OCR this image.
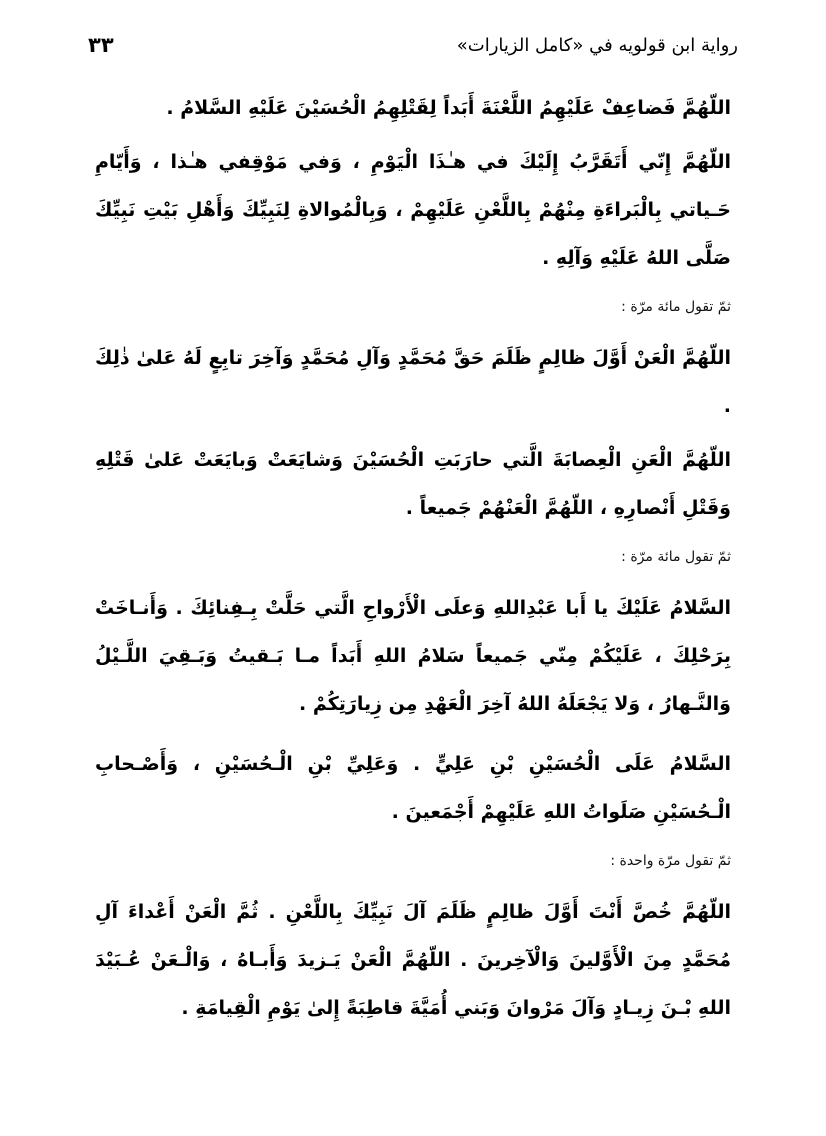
رواية ابن قولويه في «كامل الزيارات»
٣٣

اللّهُمَّ فَضاعِفْ عَلَيْهِمُ اللَّعْنَةَ أَبَداً لِقَتْلِهِمُ الْحُسَيْنَ عَلَيْهِ السَّلامُ .

اللّهُمَّ إِنّي أَتَقَرَّبُ إِلَيْكَ في هـٰذَا الْيَوْمِ ، وَفي مَوْقِفي هـٰذا ، وَأَيّامِ حَـياتي بِالْبَراءَةِ مِنْهُمْ بِاللَّعْنِ عَلَيْهِمْ ، وَبِالْمُوالاةِ لِنَبِيِّكَ وَأَهْلِ بَيْتِ نَبِيِّكَ صَلَّى اللهُ عَلَيْهِ وَآلِهِ .

ثمّ تقول مائة مرّة :

اللّهُمَّ الْعَنْ أَوَّلَ ظالِمٍ ظَلَمَ حَقَّ مُحَمَّدٍ وَآلِ مُحَمَّدٍ وَآخِرَ تابِعٍ لَهُ عَلىٰ ذٰلِكَ .

اللّهُمَّ الْعَنِ الْعِصابَةَ الَّتي حارَبَتِ الْحُسَيْنَ وَشايَعَتْ وَبايَعَتْ عَلىٰ قَتْلِهِ وَقَتْلِ أَنْصارِهِ ، اللّهُمَّ الْعَنْهُمْ جَميعاً .

ثمّ تقول مائة مرّة :

السَّلامُ عَلَيْكَ يا أَبا عَبْدِاللهِ وَعلَى الْأَرْواحِ الَّتي حَلَّتْ بِـفِنائِكَ . وَأَنـاخَتْ بِرَحْلِكَ ، عَلَيْكُمْ مِنّي جَميعاً سَلامُ اللهِ أَبَداً مـا بَـقيتُ وَبَـقِيَ اللَّـيْلُ وَالنَّـهارُ ، وَلا يَجْعَلَهُ اللهُ آخِرَ الْعَهْدِ مِن زِيارَتِكُمْ .

السَّلامُ عَلَى الْحُسَيْنِ بْنِ عَلِيٍّ . وَعَلِيِّ بْنِ الْـحُسَيْنِ ، وَأَصْـحابِ الْـحُسَيْنِ صَلَواتُ اللهِ عَلَيْهِمْ أَجْمَعينَ .

ثمّ تقول مرّة واحدة :

اللّهُمَّ خُصَّ أَنْتَ أَوَّلَ ظالِمٍ ظَلَمَ آلَ نَبِيِّكَ بِاللَّعْنِ . ثُمَّ الْعَنْ أَعْداءَ آلِ مُحَمَّدٍ مِنَ الْأَوَّلينَ وَالْآخِرينَ . اللّهُمَّ الْعَنْ يَـزيدَ وَأَبـاهُ ، وَالْـعَنْ عُـبَيْدَ اللهِ بْـنَ زِيـادٍ وَآلَ مَرْوانَ وَبَني أُمَيَّةَ قاطِبَةً إِلىٰ يَوْمِ الْقِيامَةِ .
